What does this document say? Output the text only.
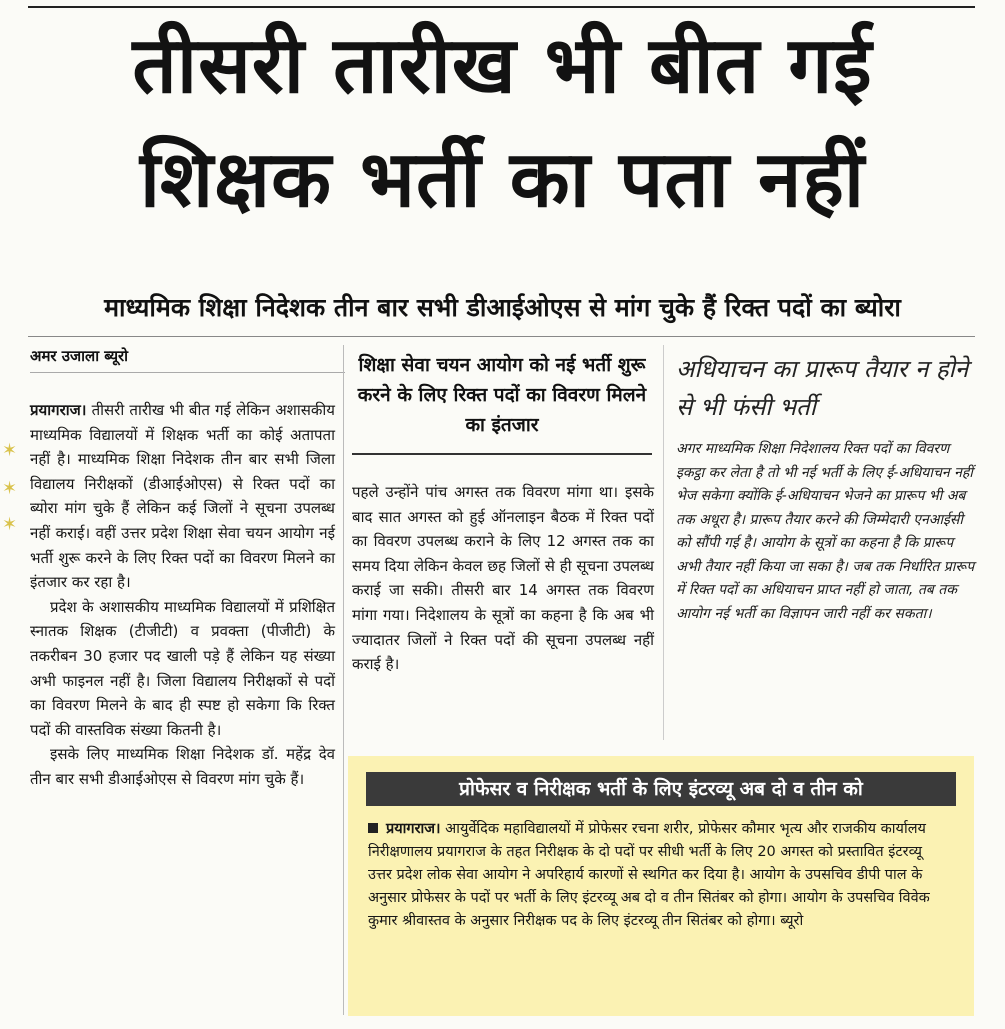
तीसरी तारीख भी बीत गई
शिक्षक भर्ती का पता नहीं
माध्यमिक शिक्षा निदेशक तीन बार सभी डीआईओएस से मांग चुके हैं रिक्त पदों का ब्योरा
✶
✶
✶
अमर उजाला ब्यूरो

प्रयागराज। तीसरी तारीख भी बीत गई लेकिन अशासकीय माध्यमिक विद्यालयों में शिक्षक भर्ती का कोई अतापता नहीं है। माध्यमिक शिक्षा निदेशक तीन बार सभी जिला विद्यालय निरीक्षकों (डीआईओएस) से रिक्त पदों का ब्योरा मांग चुके हैं लेकिन कई जिलों ने सूचना उपलब्ध नहीं कराई। वहीं उत्तर प्रदेश शिक्षा सेवा चयन आयोग नई भर्ती शुरू करने के लिए रिक्त पदों का विवरण मिलने का इंतजार कर रहा है।

प्रदेश के अशासकीय माध्यमिक विद्यालयों में प्रशिक्षित स्नातक शिक्षक (टीजीटी) व प्रवक्ता (पीजीटी) के तकरीबन 30 हजार पद खाली पड़े हैं लेकिन यह संख्या अभी फाइनल नहीं है। जिला विद्यालय निरीक्षकों से पदों का विवरण मिलने के बाद ही स्पष्ट हो सकेगा कि रिक्त पदों की वास्तविक संख्या कितनी है।

इसके लिए माध्यमिक शिक्षा निदेशक डॉ. महेंद्र देव तीन बार सभी डीआईओएस से विवरण मांग चुके हैं।

शिक्षा सेवा चयन आयोग को नई भर्ती शुरू करने के लिए रिक्त पदों का विवरण मिलने का इंतजार

पहले उन्होंने पांच अगस्त तक विवरण मांगा था। इसके बाद सात अगस्त को हुई ऑनलाइन बैठक में रिक्त पदों का विवरण उपलब्ध कराने के लिए 12 अगस्त तक का समय दिया लेकिन केवल छह जिलों से ही सूचना उपलब्ध कराई जा सकी। तीसरी बार 14 अगस्त तक विवरण मांगा गया। निदेशालय के सूत्रों का कहना है कि अब भी ज्यादातर जिलों ने रिक्त पदों की सूचना उपलब्ध नहीं कराई है।

अधियाचन का प्रारूप तैयार न होने से भी फंसी भर्ती

अगर माध्यमिक शिक्षा निदेशालय रिक्त पदों का विवरण इकट्ठा कर लेता है तो भी नई भर्ती के लिए ई-अधियाचन नहीं भेज सकेगा क्योंकि ई-अधियाचन भेजने का प्रारूप भी अब तक अधूरा है। प्रारूप तैयार करने की जिम्मेदारी एनआईसी को सौंपी गई है। आयोग के सूत्रों का कहना है कि प्रारूप अभी तैयार नहीं किया जा सका है। जब तक निर्धारित प्रारूप में रिक्त पदों का अधियाचन प्राप्त नहीं हो जाता, तब तक आयोग नई भर्ती का विज्ञापन जारी नहीं कर सकता।

प्रोफेसर व निरीक्षक भर्ती के लिए इंटरव्यू अब दो व तीन को

प्रयागराज। आयुर्वेदिक महाविद्यालयों में प्रोफेसर रचना शरीर, प्रोफेसर कौमार भृत्य और राजकीय कार्यालय निरीक्षणालय प्रयागराज के तहत निरीक्षक के दो पदों पर सीधी भर्ती के लिए 20 अगस्त को प्रस्तावित इंटरव्यू उत्तर प्रदेश लोक सेवा आयोग ने अपरिहार्य कारणों से स्थगित कर दिया है। आयोग के उपसचिव डीपी पाल के अनुसार प्रोफेसर के पदों पर भर्ती के लिए इंटरव्यू अब दो व तीन सितंबर को होगा। आयोग के उपसचिव विवेक कुमार श्रीवास्तव के अनुसार निरीक्षक पद के लिए इंटरव्यू तीन सितंबर को होगा। ब्यूरो
